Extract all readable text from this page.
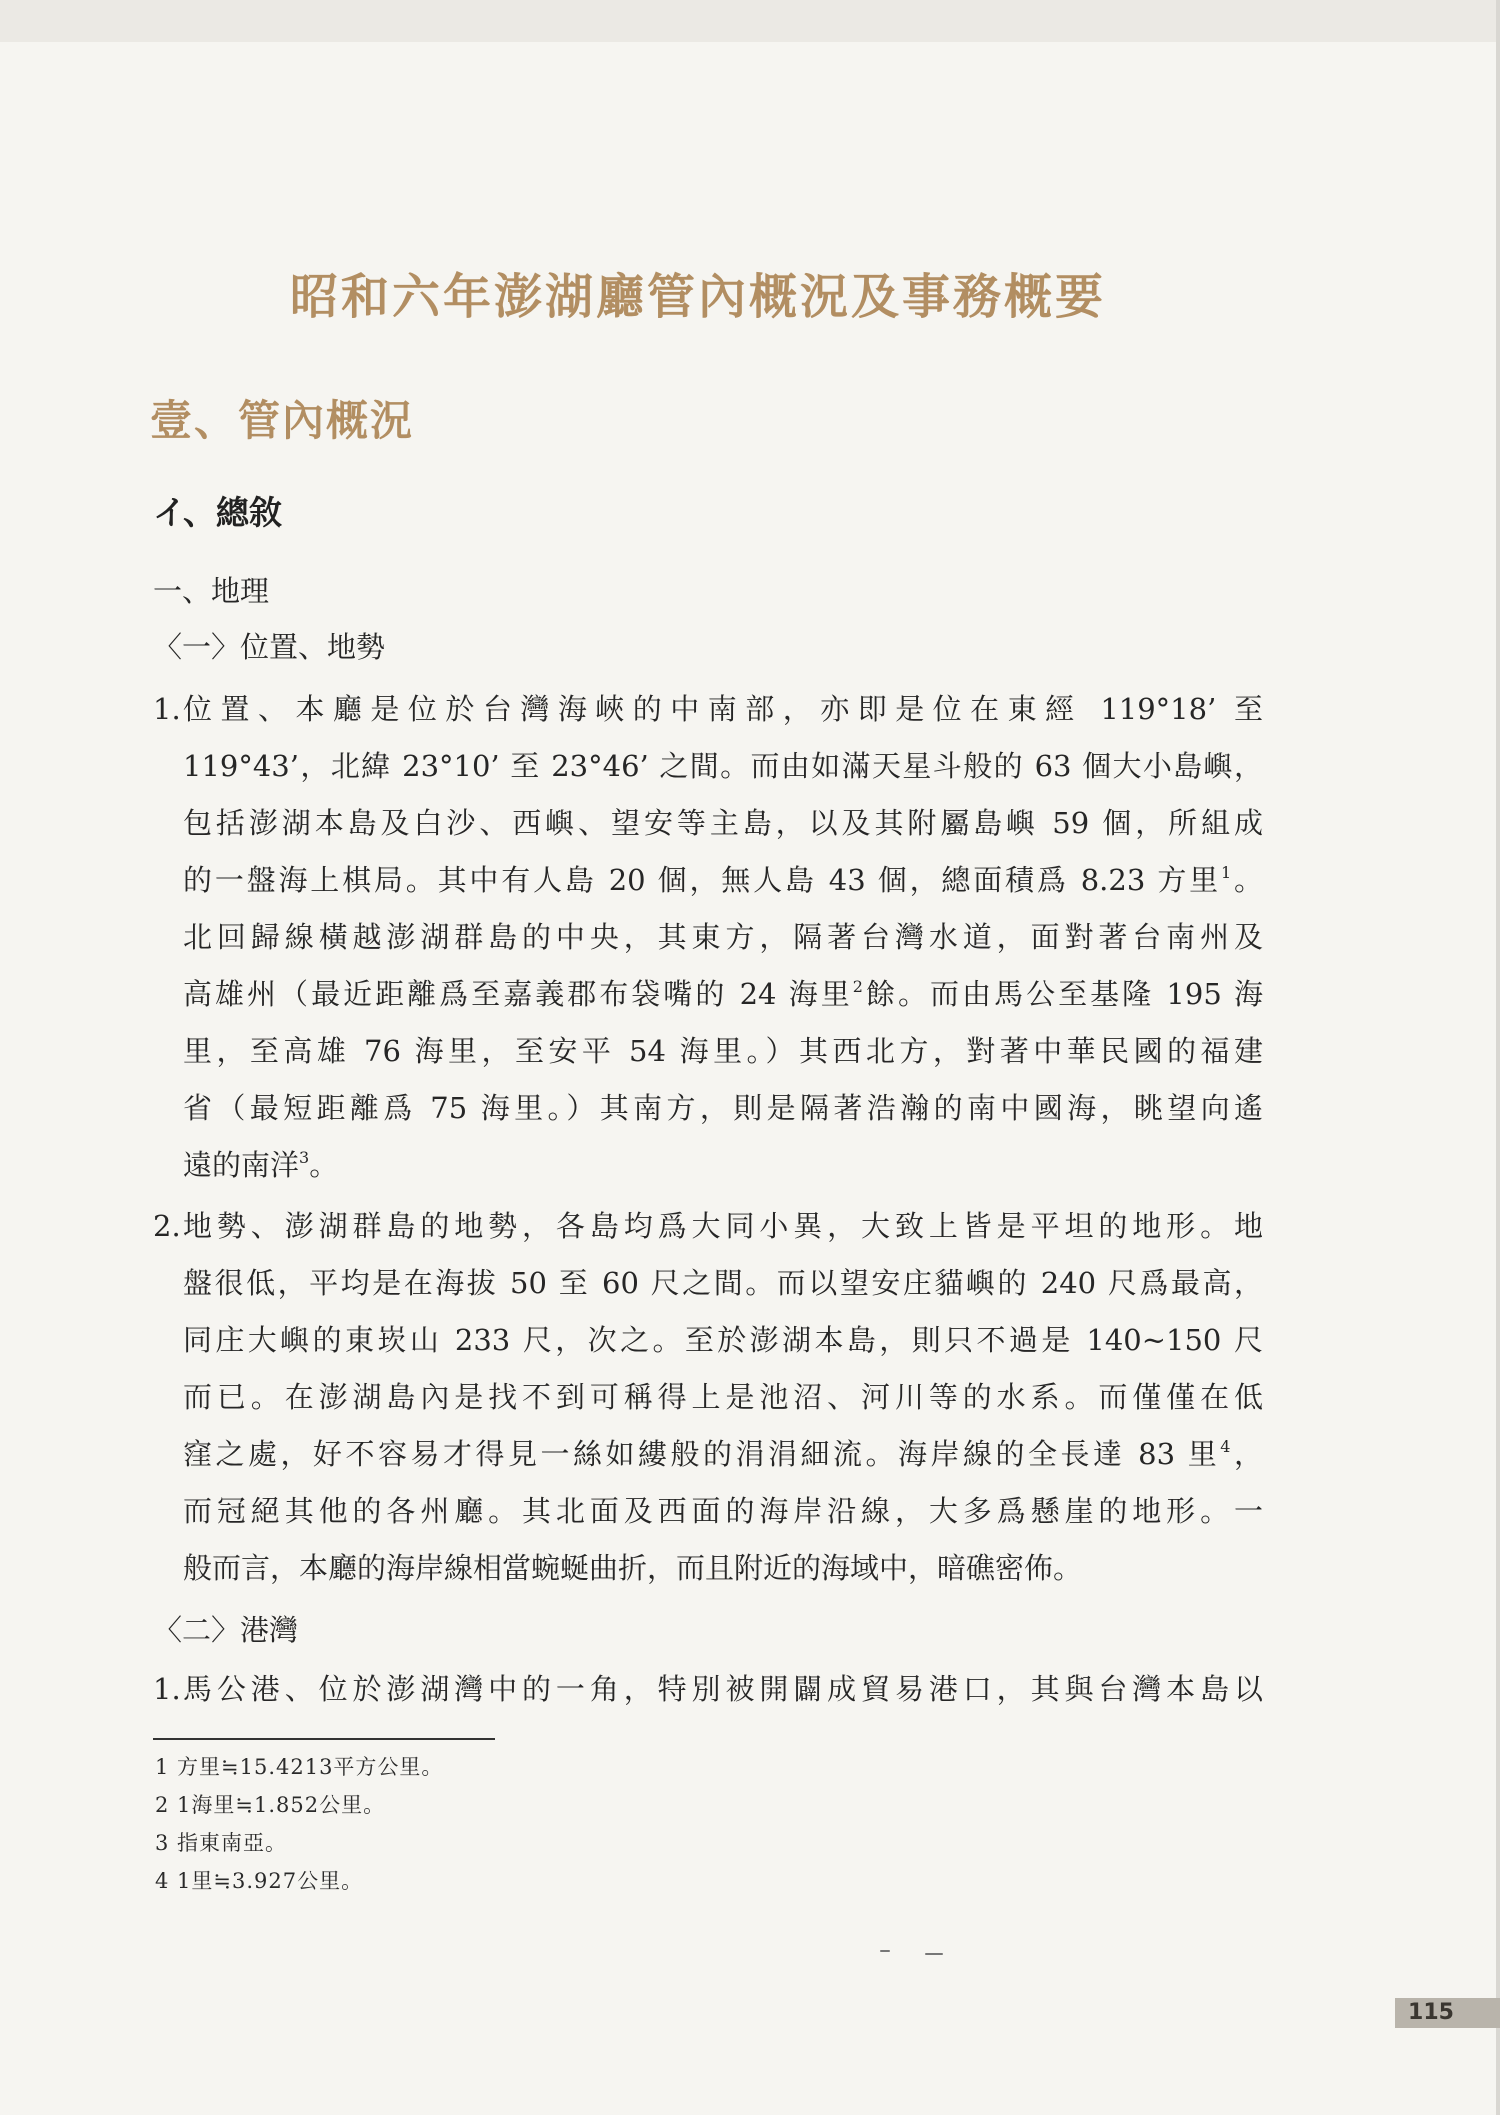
昭和六年澎湖廳管內概況及事務概要
壹、管內概況
イ、總敘
一、地理
〈一〉位置、地勢
1. 位置、本廳是位於台灣海峽的中南部，亦即是位在東經 119°18’ 至

119°43’，北緯 23°10’ 至 23°46’ 之間。而由如滿天星斗般的 63 個大小島嶼，

包括澎湖本島及白沙、西嶼、望安等主島，以及其附屬島嶼 59 個，所組成

的一盤海上棋局。其中有人島 20 個，無人島 43 個，總面積爲 8.23 方里$^1$。

北回歸線橫越澎湖群島的中央，其東方，隔著台灣水道，面對著台南州及

高雄州（最近距離爲至嘉義郡布袋嘴的 24 海里$^2$餘。而由馬公至基隆 195 海

里，至高雄 76 海里，至安平 54 海里。）其西北方，對著中華民國的福建

省（最短距離爲 75 海里。）其南方，則是隔著浩瀚的南中國海，眺望向遙

遠的南洋$^3$。

2. 地勢、澎湖群島的地勢，各島均爲大同小異，大致上皆是平坦的地形。地

盤很低，平均是在海拔 50 至 60 尺之間。而以望安庄貓嶼的 240 尺爲最高，

同庄大嶼的東崁山 233 尺，次之。至於澎湖本島，則只不過是 140~150 尺

而已。在澎湖島內是找不到可稱得上是池沼、河川等的水系。而僅僅在低

窪之處，好不容易才得見一絲如縷般的涓涓細流。海岸線的全長達 83 里$^4$，

而冠絕其他的各州廳。其北面及西面的海岸沿線，大多爲懸崖的地形。一

般而言，本廳的海岸線相當蜿蜒曲折，而且附近的海域中，暗礁密佈。

〈二〉港灣
1. 馬公港、位於澎湖灣中的一角，特別被開闢成貿易港口，其與台灣本島以

1 方里≒15.4213平方公里。
2 1海里≒1.852公里。
3 指東南亞。
4 1里≒3.927公里。
115
